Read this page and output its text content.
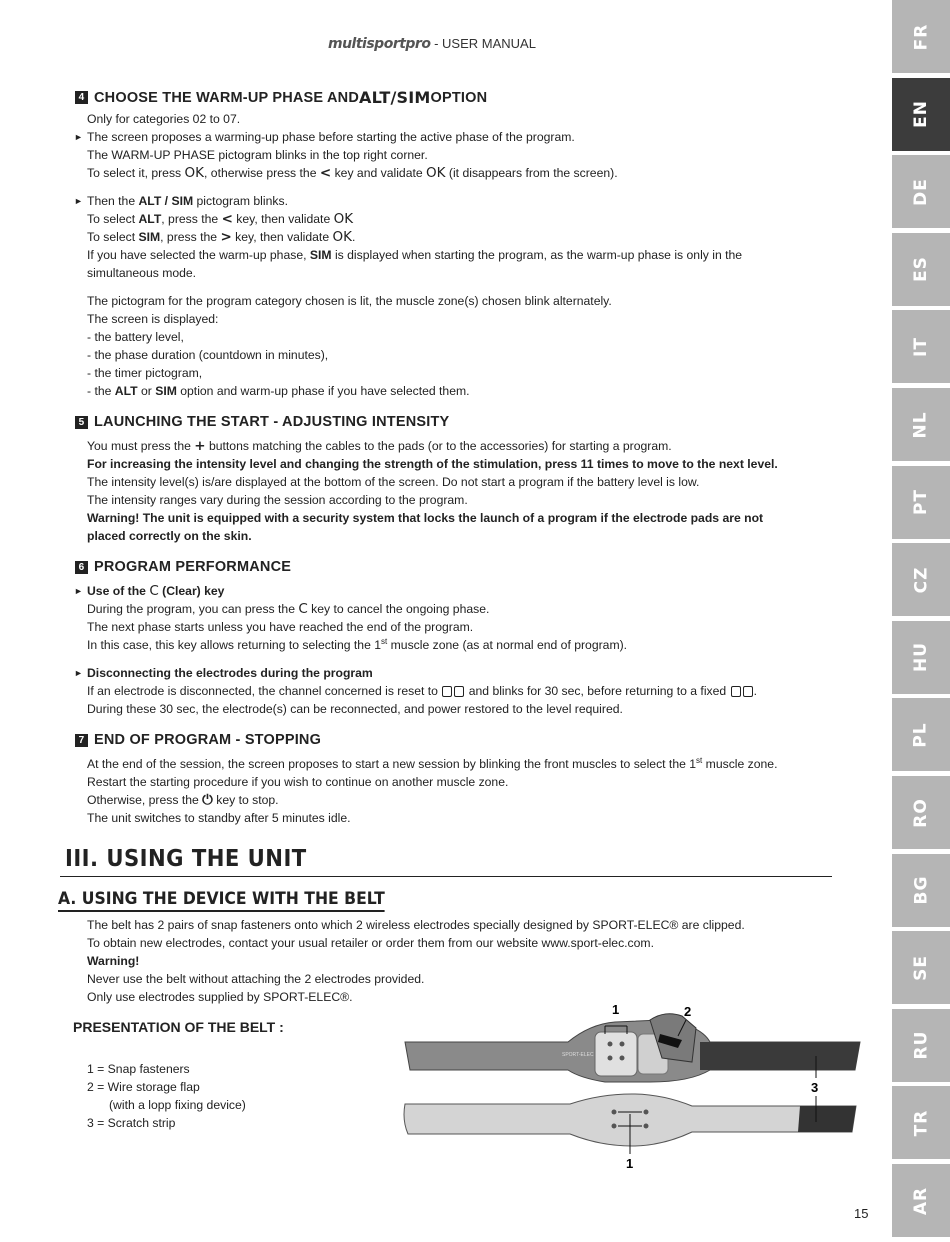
multisportpro - USER MANUAL	FR
EN
DE
ES
IT
NL
PT
CZ
HU
PL
RO
BG
SE
RU
TR
AR
4 CHOOSE THE WARM-UP PHASE AND ALT/SIM OPTION
Only for categories 02 to 07.
► The screen proposes a warming-up phase before starting the active phase of the program.
The WARM-UP PHASE pictogram blinks in the top right corner.
To select it, press OK, otherwise press the < key and validate OK (it disappears from the screen).
► Then the ALT / SIM pictogram blinks.
To select ALT, press the < key, then validate OK
To select SIM, press the > key, then validate OK.
If you have selected the warm-up phase, SIM is displayed when starting the program, as the warm-up phase is only in the
simultaneous mode.
The pictogram for the program category chosen is lit, the muscle zone(s) chosen blink alternately.
The screen is displayed:
- the battery level,
- the phase duration (countdown in minutes),
- the timer pictogram,
- the ALT or SIM option and warm-up phase if you have selected them.
5 LAUNCHING THE START - ADJUSTING INTENSITY
You must press the + buttons matching the cables to the pads (or to the accessories) for starting a program.
For increasing the intensity level and changing the strength of the stimulation, press 11 times to move to the next level.
The intensity level(s) is/are displayed at the bottom of the screen. Do not start a program if the battery level is low.
The intensity ranges vary during the session according to the program.
Warning! The unit is equipped with a security system that locks the launch of a program if the electrode pads are not
placed correctly on the skin.
6 PROGRAM PERFORMANCE
► Use of the C (Clear) key
During the program, you can press the C key to cancel the ongoing phase.
The next phase starts unless you have reached the end of the program.
In this case, this key allows returning to selecting the 1st muscle zone (as at normal end of program).
► Disconnecting the electrodes during the program
If an electrode is disconnected, the channel concerned is reset to  and blinks for 30 sec, before returning to a fixed .
During these 30 sec, the electrode(s) can be reconnected, and power restored to the level required.
7 END OF PROGRAM - STOPPING
At the end of the session, the screen proposes to start a new session by blinking the front muscles to select the 1st muscle zone.
Restart the starting procedure if you wish to continue on another muscle zone.
Otherwise, press the ⏻ key to stop.
The unit switches to standby after 5 minutes idle.
III. USING THE UNIT
A. USING THE DEVICE WITH THE BELT
The belt has 2 pairs of snap fasteners onto which 2 wireless electrodes specially designed by SPORT-ELEC® are clipped.
To obtain new electrodes, contact your usual retailer or order them from our website www.sport-elec.com.
Warning!
Never use the belt without attaching the 2 electrodes provided.
Only use electrodes supplied by SPORT-ELEC®.
PRESENTATION OF THE BELT :
1 = Snap fasteners
2 = Wire storage flap
(with a lopp fixing device)
3 = Scratch strip
SPORT-ELEC
1	2
3
1
15
